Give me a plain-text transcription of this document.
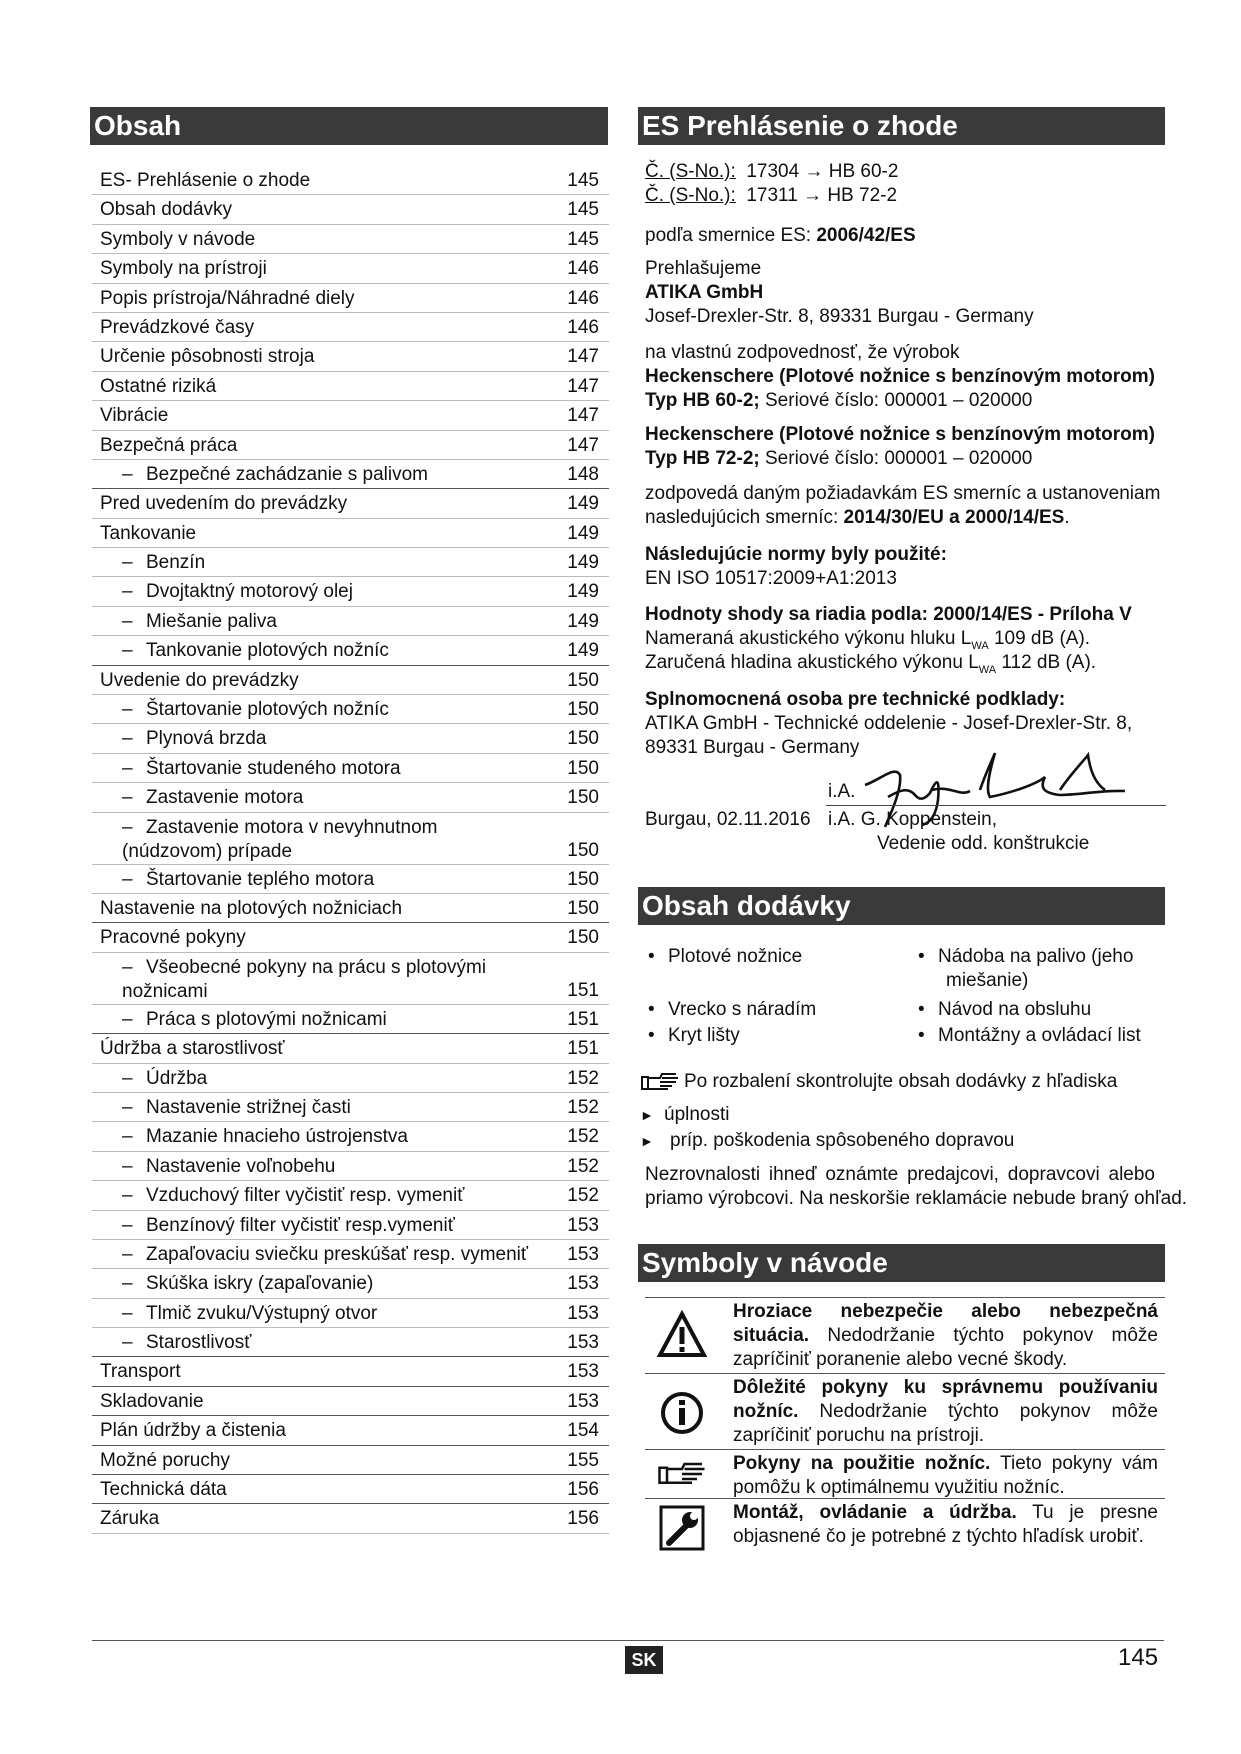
Obsah
ES- Prehlásenie o zhode	145
Obsah dodávky	145
Symboly v návode	145
Symboly na prístroji	146
Popis prístroja/Náhradné diely	146
Prevádzkové časy	146
Určenie pôsobnosti stroja	147
Ostatné riziká	147
Vibrácie	147
Bezpečná práca	147
– Bezpečné zachádzanie s palivom	148
Pred uvedením do prevádzky	149
Tankovanie	149
– Benzín	149
– Dvojtaktný motorový olej	149
– Miešanie paliva	149
– Tankovanie plotových nožníc	149
Uvedenie do prevádzky	150
– Štartovanie plotových nožníc	150
– Plynová brzda	150
– Štartovanie studeného motora	150
– Zastavenie motora	150
– Zastavenie motora v nevyhnutnom (núdzovom) prípade	150
– Štartovanie teplého motora	150
Nastavenie na plotových nožniciach	150
Pracovné pokyny	150
– Všeobecné pokyny na prácu s plotovými nožnicami	151
– Práca s plotovými nožnicami	151
Údržba a starostlivosť	151
– Údržba	152
– Nastavenie strižnej časti	152
– Mazanie hnacieho ústrojenstva	152
– Nastavenie voľnobehu	152
– Vzduchový filter vyčistiť resp. vymeniť	152
– Benzínový filter vyčistiť resp.vymeniť	153
– Zapaľovaciu sviečku preskúšať resp. vymeniť 153
– Skúška iskry (zapaľovanie)	153
– Tlmič zvuku/Výstupný otvor	153
– Starostlivosť	153
Transport	153
Skladovanie	153
Plán údržby a čistenia	154
Možné poruchy	155
Technická dáta	156
Záruka	156
ES Prehlásenie o zhode
Č. (S-No.): 17304 → HB 60-2
Č. (S-No.): 17311 → HB 72-2
podľa smernice ES: 2006/42/ES
Prehlašujeme
ATIKA GmbH
Josef-Drexler-Str. 8, 89331 Burgau - Germany
na vlastnú zodpovednosť, že výrobok
Heckenschere (Plotové nožnice s benzínovým motorom)
Typ HB 60-2; Seriové číslo: 000001 – 020000
Heckenschere (Plotové nožnice s benzínovým motorom)
Typ HB 72-2; Seriové číslo: 000001 – 020000
zodpovedá daným požiadavkám ES smerníc a ustanoveniam
nasledujúcich smerníc: 2014/30/EU a 2000/14/ES.
Následujúcie normy byly použité:
EN ISO 10517:2009+A1:2013
Hodnoty shody sa riadia podla: 2000/14/ES - Príloha V
Nameraná akustického výkonu hluku $L_{WA}$ 109 dB (A).
Zaručená hladina akustického výkonu $L_{WA}$ 112 dB (A).
Splnomocnená osoba pre technické podklady:
ATIKA GmbH - Technické oddelenie - Josef-Drexler-Str. 8,
89331 Burgau - Germany
i.A.
Burgau, 02.11.2016 i.A. G. Koppenstein,
Vedenie odd. konštrukcie
Obsah dodávky
• Plotové nožnice
• Vrecko s náradím
• Kryt lišty
• Nádoba na palivo (jeho
miešanie)
• Návod na obsluhu
• Montážny a ovládací list
Po rozbalení skontrolujte obsah dodávky z hľadiska
► úplnosti
► príp. poškodenia spôsobeného dopravou
Nezrovnalosti ihneď oznámte predajcovi, dopravcovi alebo
priamo výrobcovi. Na neskoršie reklamácie nebude braný ohľad.
Symboly v návode
Hroziace nebezpečie alebo nebezpečná situácia. Nedodržanie týchto pokynov môže zapríčiniť poranenie alebo vecné škody.
Dôležité pokyny ku správnemu používaniu nožníc. Nedodržanie týchto pokynov môže zapríčiniť poruchu na prístroji.
Pokyny na použitie nožníc. Tieto pokyny vám pomôžu k optimálnemu využitiu nožníc.
Montáž, ovládanie a údržba. Tu je presne objasnené čo je potrebné z týchto hľadísk urobiť.
SK	145
